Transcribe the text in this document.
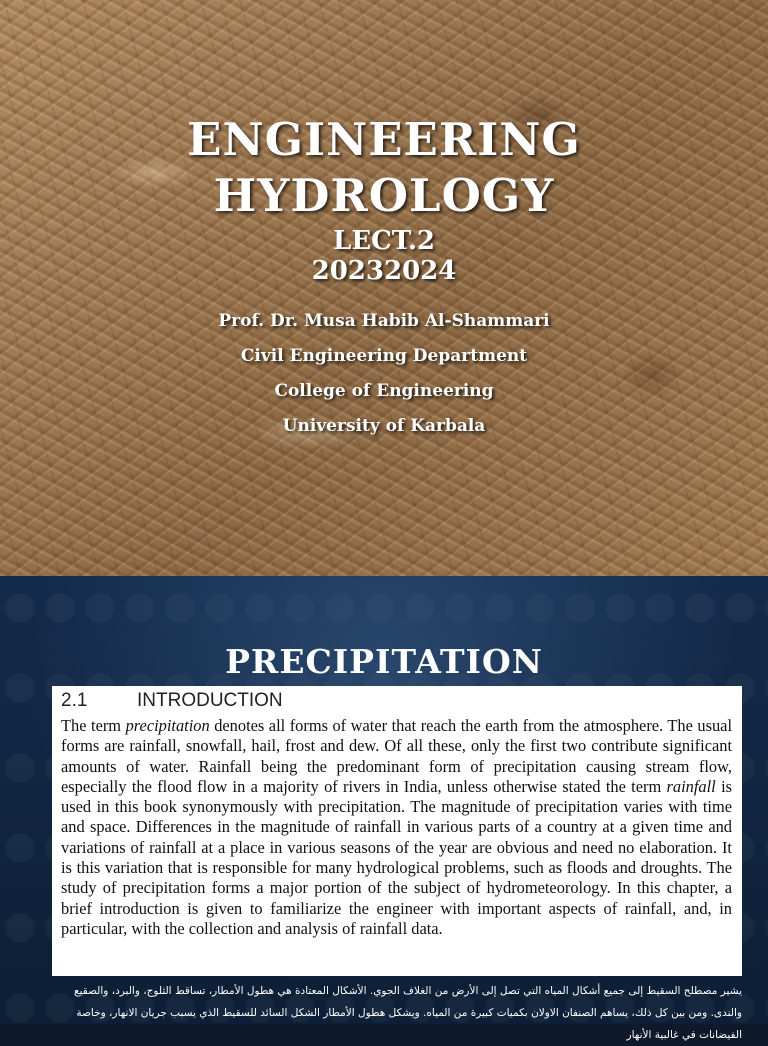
ENGINEERING
HYDROLOGY
LECT.2
20232024
Prof. Dr. Musa Habib Al-Shammari
Civil Engineering Department
College of Engineering
University of Karbala
PRECIPITATION
2.1	INTRODUCTION
The term precipitation denotes all forms of water that reach the earth from the atmosphere. The usual forms are rainfall, snowfall, hail, frost and dew. Of all these, only the first two contribute significant amounts of water. Rainfall being the predominant form of precipitation causing stream flow, especially the flood flow in a majority of rivers in India, unless otherwise stated the term rainfall is used in this book synonymously with precipitation. The magnitude of precipitation varies with time and space. Differences in the magnitude of rainfall in various parts of a country at a given time and variations of rainfall at a place in various seasons of the year are obvious and need no elaboration. It is this variation that is responsible for many hydrological problems, such as floods and droughts. The study of precipitation forms a major portion of the subject of hydrometeorology. In this chapter, a brief introduction is given to familiarize the engineer with important aspects of rainfall, and, in particular, with the collection and analysis of rainfall data.
يشير مصطلح السقيط إلى جميع أشكال المياه التي تصل إلى الأرض من الغلاف الجوي. الأشكال المعتادة هي هطول الأمطار، تساقط الثلوج، والبرد، والصقيع والندى. ومن بين كل ذلك، يساهم الصنفان الاولان بكميات كبيرة من المياه. ويشكل هطول الأمطار الشكل السائد للسقيط الذي يسبب جريان الانهار، وخاصة الفيضانات في غالبية الأنهار
